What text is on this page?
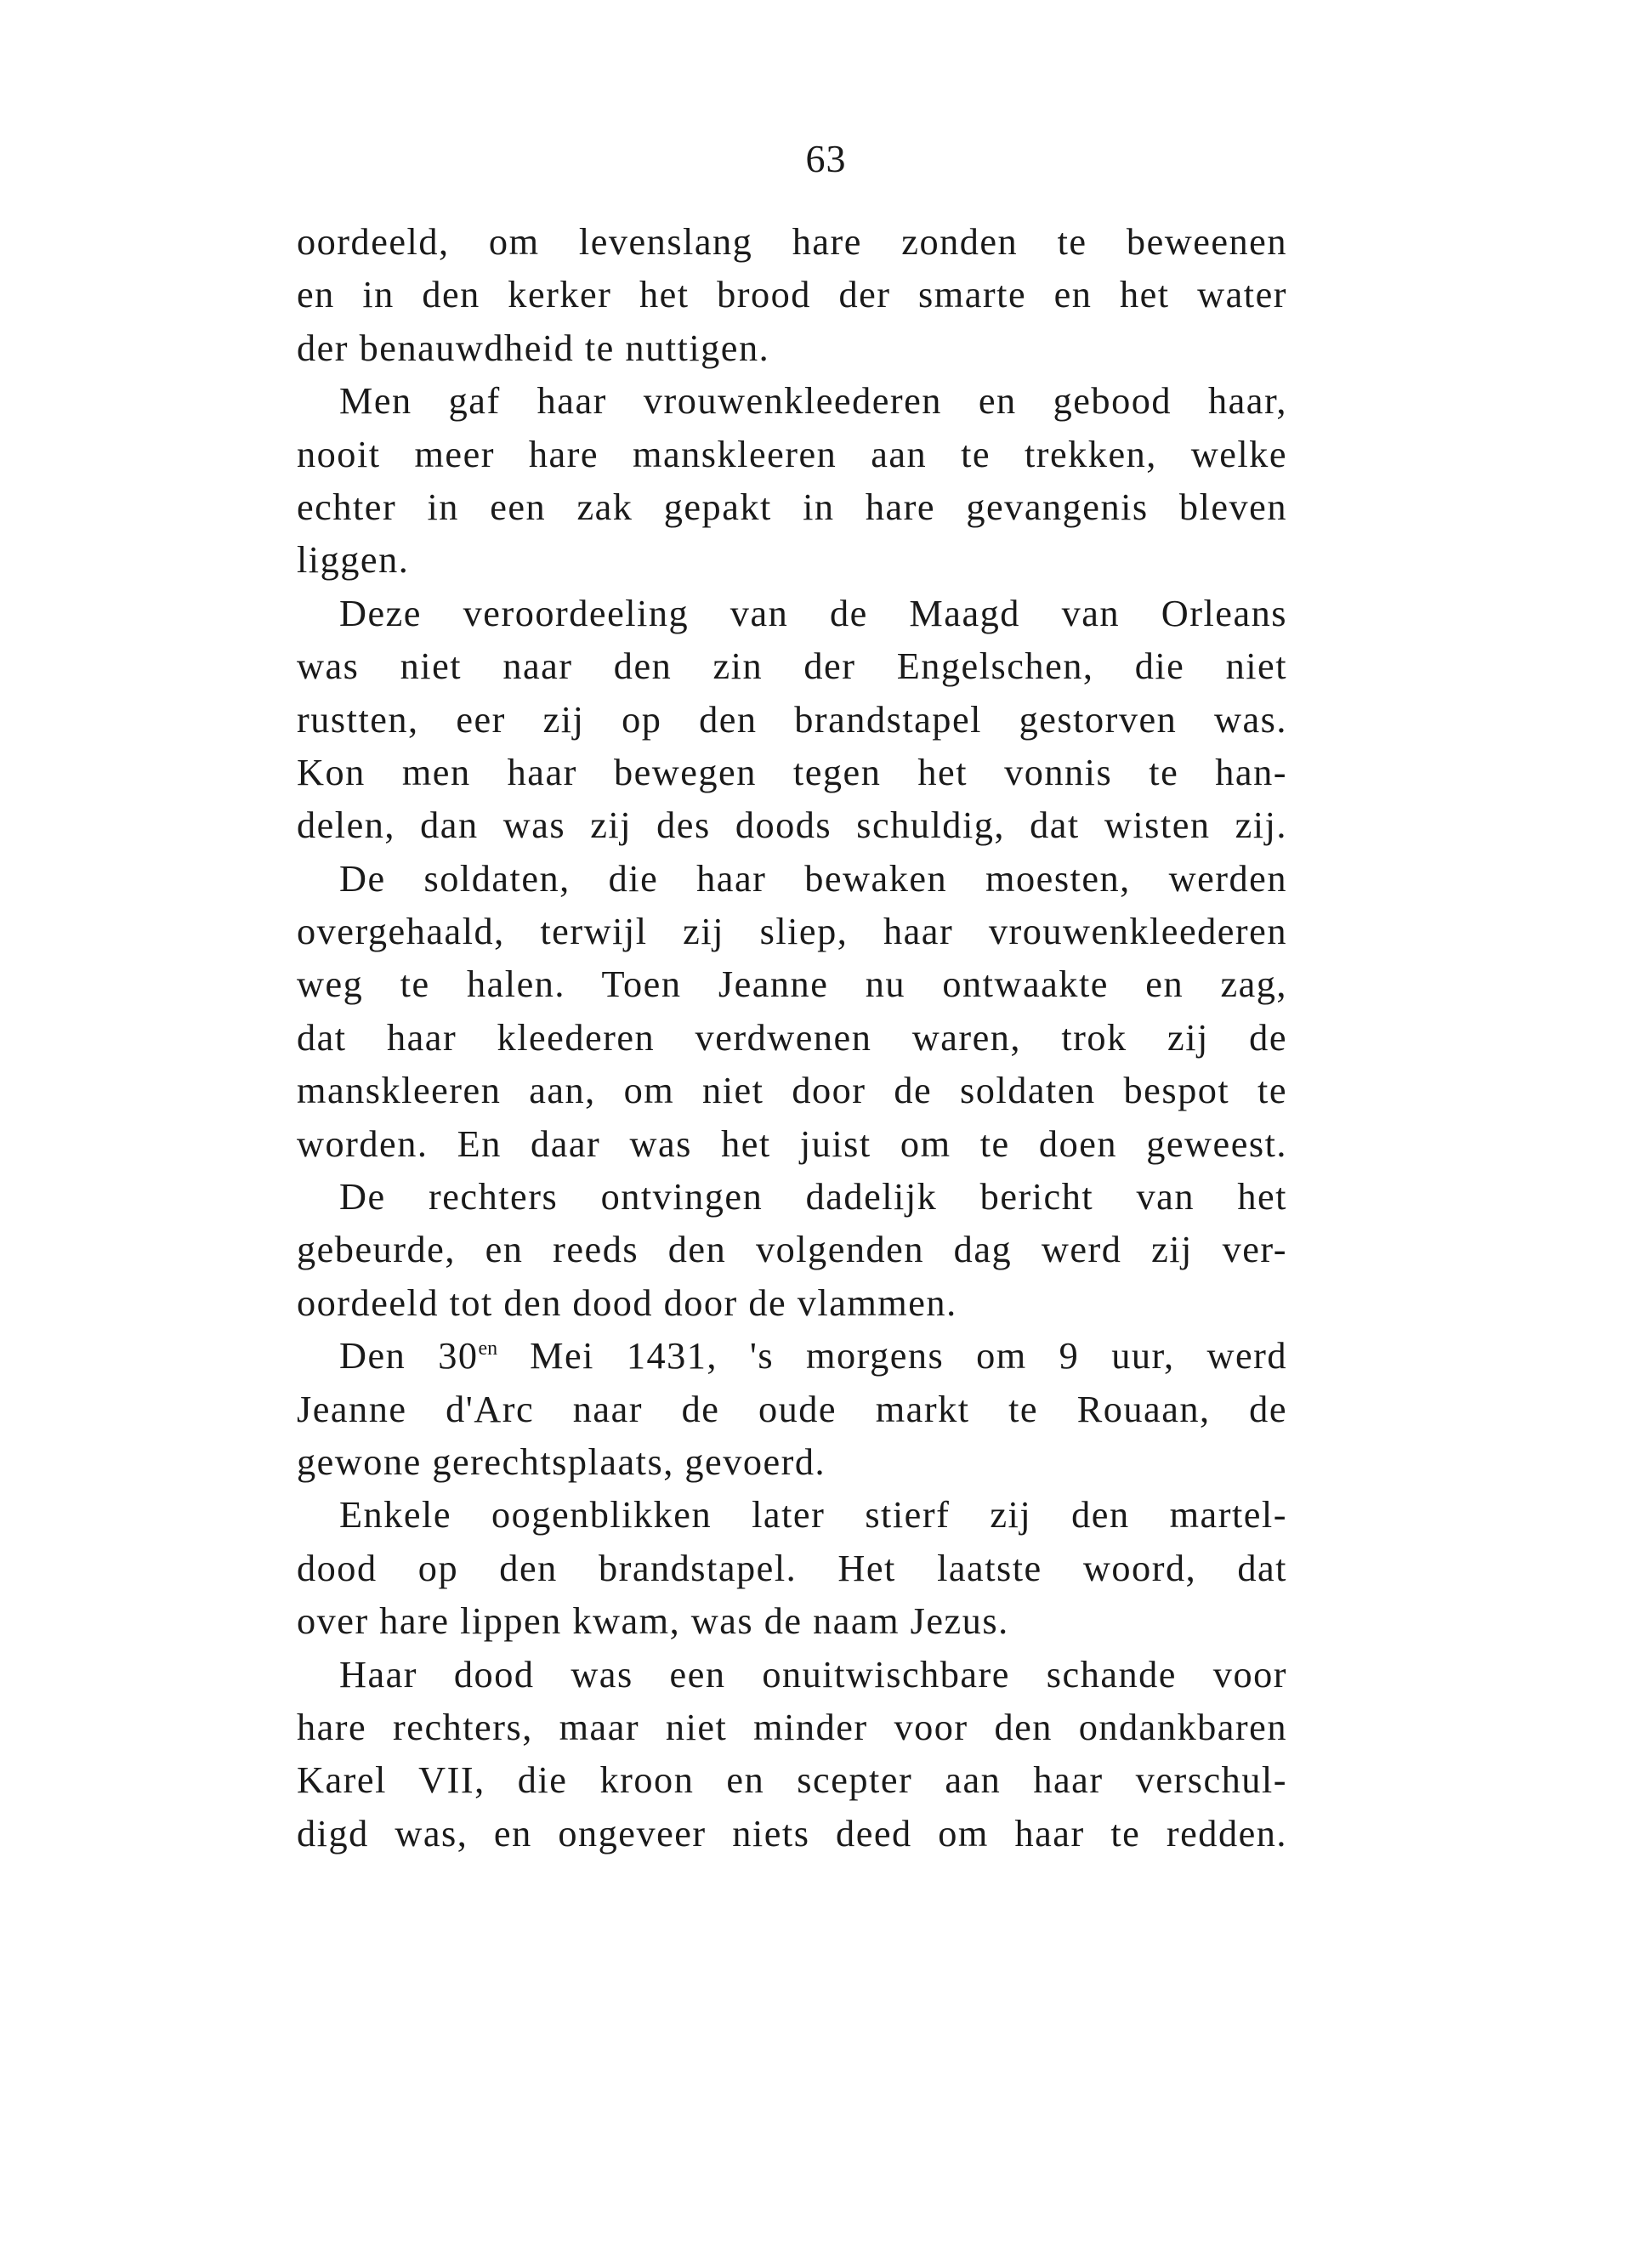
63
oordeeld, om levenslang hare zonden te beweenen
en in den kerker het brood der smarte en het water
der benauwdheid te nuttigen.
Men gaf haar vrouwenkleederen en gebood haar,
nooit meer hare manskleeren aan te trekken, welke
echter in een zak gepakt in hare gevangenis bleven
liggen.
Deze veroordeeling van de Maagd van Orleans
was niet naar den zin der Engelschen, die niet
rustten, eer zij op den brandstapel gestorven was.
Kon men haar bewegen tegen het vonnis te han-
delen, dan was zij des doods schuldig, dat wisten zij.
De soldaten, die haar bewaken moesten, werden
overgehaald, terwijl zij sliep, haar vrouwenkleederen
weg te halen. Toen Jeanne nu ontwaakte en zag,
dat haar kleederen verdwenen waren, trok zij de
manskleeren aan, om niet door de soldaten bespot te
worden. En daar was het juist om te doen geweest.
De rechters ontvingen dadelijk bericht van het
gebeurde, en reeds den volgenden dag werd zij ver-
oordeeld tot den dood door de vlammen.
Den $30^{en}$ Mei 1431, 's morgens om 9 uur, werd
Jeanne d'Arc naar de oude markt te Rouaan, de
gewone gerechtsplaats, gevoerd.
Enkele oogenblikken later stierf zij den martel-
dood op den brandstapel. Het laatste woord, dat
over hare lippen kwam, was de naam Jezus.
Haar dood was een onuitwischbare schande voor
hare rechters, maar niet minder voor den ondankbaren
Karel VII, die kroon en scepter aan haar verschul-
digd was, en ongeveer niets deed om haar te redden.
